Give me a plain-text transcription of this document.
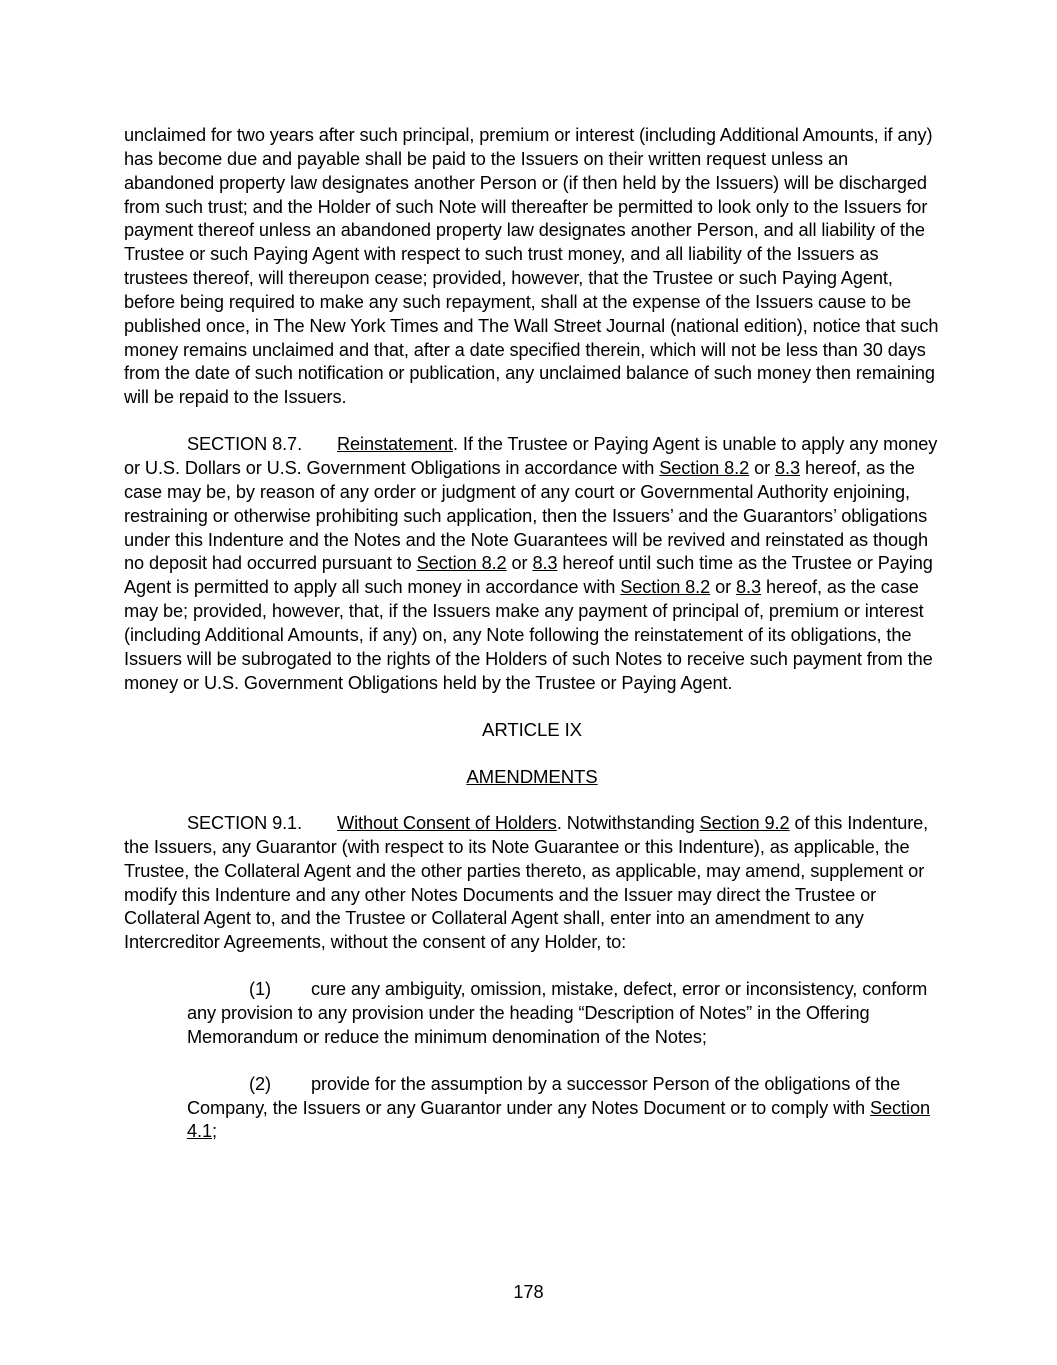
unclaimed for two years after such principal, premium or interest (including Additional Amounts, if any) has become due and payable shall be paid to the Issuers on their written request unless an abandoned property law designates another Person or (if then held by the Issuers) will be discharged from such trust; and the Holder of such Note will thereafter be permitted to look only to the Issuers for payment thereof unless an abandoned property law designates another Person, and all liability of the Trustee or such Paying Agent with respect to such trust money, and all liability of the Issuers as trustees thereof, will thereupon cease; provided, however, that the Trustee or such Paying Agent, before being required to make any such repayment, shall at the expense of the Issuers cause to be published once, in The New York Times and The Wall Street Journal (national edition), notice that such money remains unclaimed and that, after a date specified therein, which will not be less than 30 days from the date of such notification or publication, any unclaimed balance of such money then remaining will be repaid to the Issuers.

SECTION 8.7. Reinstatement. If the Trustee or Paying Agent is unable to apply any money or U.S. Dollars or U.S. Government Obligations in accordance with Section 8.2 or 8.3 hereof, as the case may be, by reason of any order or judgment of any court or Governmental Authority enjoining, restraining or otherwise prohibiting such application, then the Issuers’ and the Guarantors’ obligations under this Indenture and the Notes and the Note Guarantees will be revived and reinstated as though no deposit had occurred pursuant to Section 8.2 or 8.3 hereof until such time as the Trustee or Paying Agent is permitted to apply all such money in accordance with Section 8.2 or 8.3 hereof, as the case may be; provided, however, that, if the Issuers make any payment of principal of, premium or interest (including Additional Amounts, if any) on, any Note following the reinstatement of its obligations, the Issuers will be subrogated to the rights of the Holders of such Notes to receive such payment from the money or U.S. Government Obligations held by the Trustee or Paying Agent.

ARTICLE IX

AMENDMENTS

SECTION 9.1. Without Consent of Holders. Notwithstanding Section 9.2 of this Indenture, the Issuers, any Guarantor (with respect to its Note Guarantee or this Indenture), as applicable, the Trustee, the Collateral Agent and the other parties thereto, as applicable, may amend, supplement or modify this Indenture and any other Notes Documents and the Issuer may direct the Trustee or Collateral Agent to, and the Trustee or Collateral Agent shall, enter into an amendment to any Intercreditor Agreements, without the consent of any Holder, to:

(1) cure any ambiguity, omission, mistake, defect, error or inconsistency, conform any provision to any provision under the heading “Description of Notes” in the Offering Memorandum or reduce the minimum denomination of the Notes;

(2) provide for the assumption by a successor Person of the obligations of the Company, the Issuers or any Guarantor under any Notes Document or to comply with Section 4.1;

178
